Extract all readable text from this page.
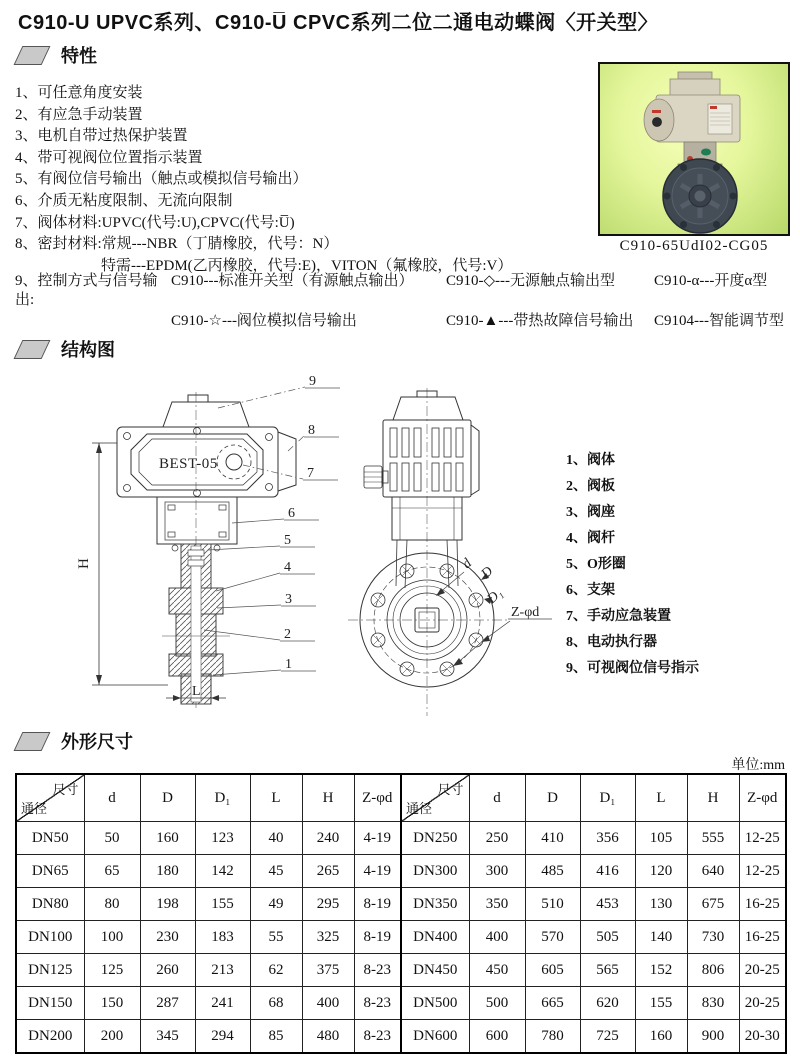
C910-U UPVC系列、C910-U̅ CPVC系列二位二通电动蝶阀〈开关型〉
特性
1、可任意角度安装
2、有应急手动装置
3、电机自带过热保护装置
4、带可视阀位位置指示装置
5、有阀位信号输出（触点或模拟信号输出）
6、介质无粘度限制、无流向限制
7、阀体材料:UPVC(代号:U),CPVC(代号:U̅)
8、密封材料:常规---NBR（丁腈橡胶，代号：N）
特需---EPDM(乙丙橡胶，代号:E)，VITON（氟橡胶，代号:V）
9、控制方式与信号输出:
C910---标准开关型（有源触点输出）	C910-◇---无源触点输出型	C910-α---开度α型
C910-☆---阀位模拟信号输出	C910-▲---带热故障信号输出	C9104---智能调节型
C910-65UdI02-CG05
结构图
H
L
9
8
7
6
5
4
3
2
1
BEST-05
d D
D₁
Z-φd
1、阀体
2、阀板
3、阀座
4、阀杆
5、O形圈
6、支架
7、手动应急装置
8、电动执行器
9、可视阀位信号指示
外形尺寸
单位:mm
尺寸
通径	d	D	D₁	L	H	Z-φd	尺寸
通径	d	D	D₁	L	H	Z-φd
DN50	50	160	123	40	240	4-19	DN250	250	410	356	105	555	12-25
DN65	65	180	142	45	265	4-19	DN300	300	485	416	120	640	12-25
DN80	80	198	155	49	295	8-19	DN350	350	510	453	130	675	16-25
DN100	100	230	183	55	325	8-19	DN400	400	570	505	140	730	16-25
DN125	125	260	213	62	375	8-23	DN450	450	605	565	152	806	20-25
DN150	150	287	241	68	400	8-23	DN500	500	665	620	155	830	20-25
DN200	200	345	294	85	480	8-23	DN600	600	780	725	160	900	20-30
